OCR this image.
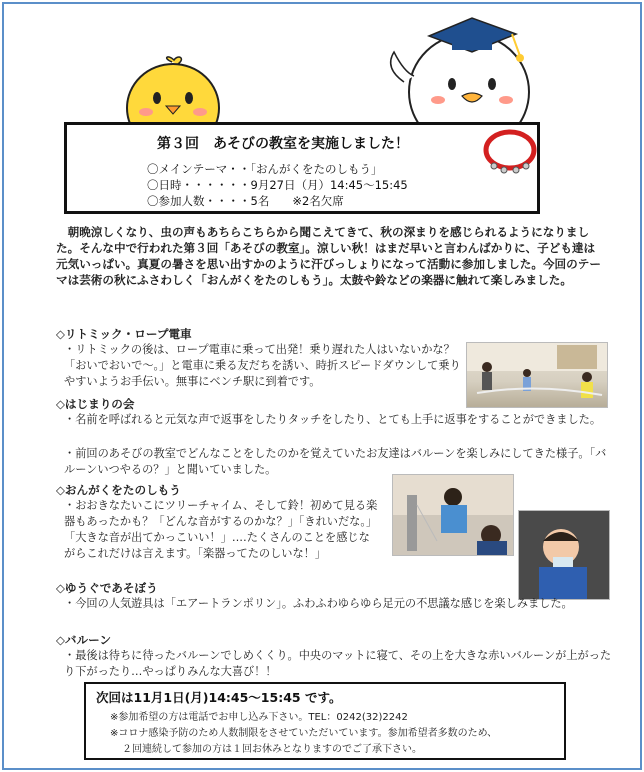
第３回　あそびの教室を実施しました！
〇メインテーマ・・「おんがくをたのしもう」
〇日時・・・・・・9月27日（月）14:45～15:45
〇参加人数・・・・5名　　※2名欠席
　朝晩涼しくなり、虫の声もあちらこちらから聞こえてきて、秋の深まりを感じられるようになりました。そんな中で行われた第３回「あそびの教室」。涼しい秋！はまだ早いと言わんばかりに、子ども達は元気いっぱい。真夏の暑さを思い出すかのように汗びっしょりになって活動に参加しました。今回のテーマは芸術の秋にふさわしく「おんがくをたのしもう」。太鼓や鈴などの楽器に触れて楽しみました。
◇リトミック・ロープ電車
・リトミックの後は、ロープ電車に乗って出発！乗り遅れた人はいないかな？「おいでおいで～。」と電車に乗る友だちを誘い、時折スピードダウンして乗りやすいようお手伝い。無事にベンチ駅に到着です。
◇はじまりの会
・名前を呼ばれると元気な声で返事をしたりタッチをしたり、とても上手に返事をすることができました。
・前回のあそびの教室でどんなことをしたのかを覚えていたお友達はバルーンを楽しみにしてきた様子。「バルーンいつやるの？」と聞いていました。
◇おんがくをたのしもう
・おおきなたいこにツリーチャイム、そして鈴！初めて見る楽器もあったかも？「どんな音がするのかな？」「きれいだな。」「大きな音が出てかっこいい！」‥‥たくさんのことを感じながらこれだけは言えます。「楽器ってたのしいな！」
◇ゆうぐであそぼう
・今回の人気遊具は「エアートランポリン」。ふわふわゆらゆら足元の不思議な感じを楽しみました。
◇バルーン
・最後は待ちに待ったバルーンでしめくくり。中央のマットに寝て、その上を大きな赤いバルーンが上がったり下がったり…やっぱりみんな大喜び！！
次回は11月1日(月)14:45～15:45 です。
※参加希望の方は電話でお申し込み下さい。TEL：0242(32)2242
※コロナ感染予防のため人数制限をさせていただいています。参加希望者多数のため、
２回連続して参加の方は１回お休みとなりますのでご了承下さい。
